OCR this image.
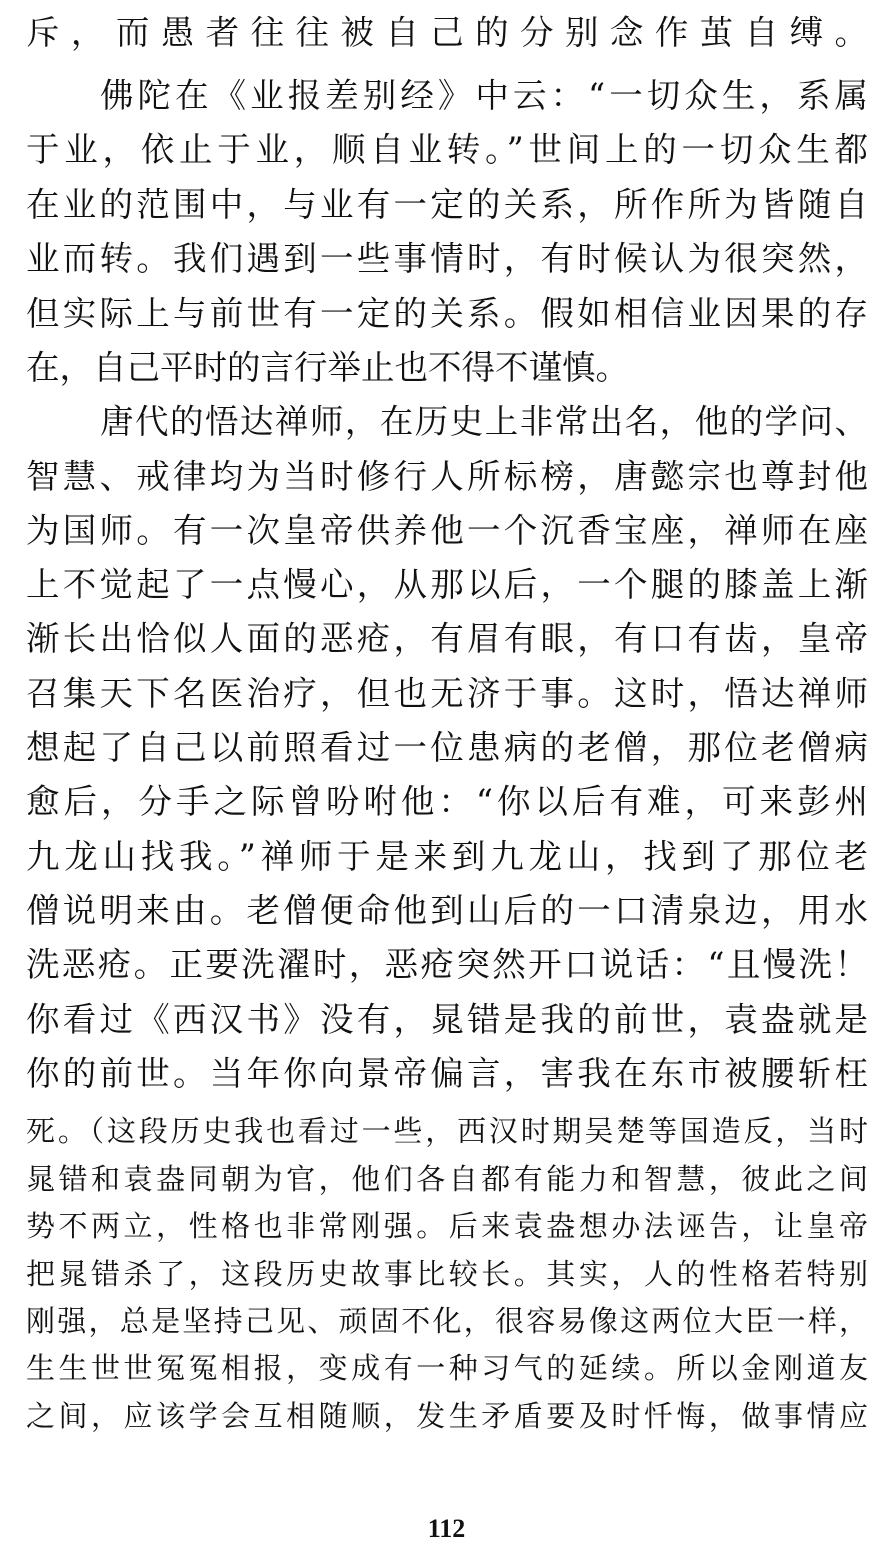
斥，而愚者往往被自己的分别念作茧自缚。
佛陀在《业报差别经》中云：“一切众生，系属
于业，依止于业，顺自业转。”世间上的一切众生都
在业的范围中，与业有一定的关系，所作所为皆随自
业而转。我们遇到一些事情时，有时候认为很突然，
但实际上与前世有一定的关系。假如相信业因果的存
在，自己平时的言行举止也不得不谨慎。
唐代的悟达禅师，在历史上非常出名，他的学问、
智慧、戒律均为当时修行人所标榜，唐懿宗也尊封他
为国师。有一次皇帝供养他一个沉香宝座，禅师在座
上不觉起了一点慢心，从那以后，一个腿的膝盖上渐
渐长出恰似人面的恶疮，有眉有眼，有口有齿，皇帝
召集天下名医治疗，但也无济于事。这时，悟达禅师
想起了自己以前照看过一位患病的老僧，那位老僧病
愈后，分手之际曾吩咐他：“你以后有难，可来彭州
九龙山找我。”禅师于是来到九龙山，找到了那位老
僧说明来由。老僧便命他到山后的一口清泉边，用水
洗恶疮。正要洗濯时，恶疮突然开口说话：“且慢洗！
你看过《西汉书》没有，晁错是我的前世，袁盎就是
你的前世。当年你向景帝偏言，害我在东市被腰斩枉
死。（这段历史我也看过一些，西汉时期吴楚等国造反，当时
晁错和袁盎同朝为官，他们各自都有能力和智慧，彼此之间
势不两立，性格也非常刚强。后来袁盎想办法诬告，让皇帝
把晁错杀了，这段历史故事比较长。其实，人的性格若特别
刚强，总是坚持己见、顽固不化，很容易像这两位大臣一样，
生生世世冤冤相报，变成有一种习气的延续。所以金刚道友
之间，应该学会互相随顺，发生矛盾要及时忏悔，做事情应
112
